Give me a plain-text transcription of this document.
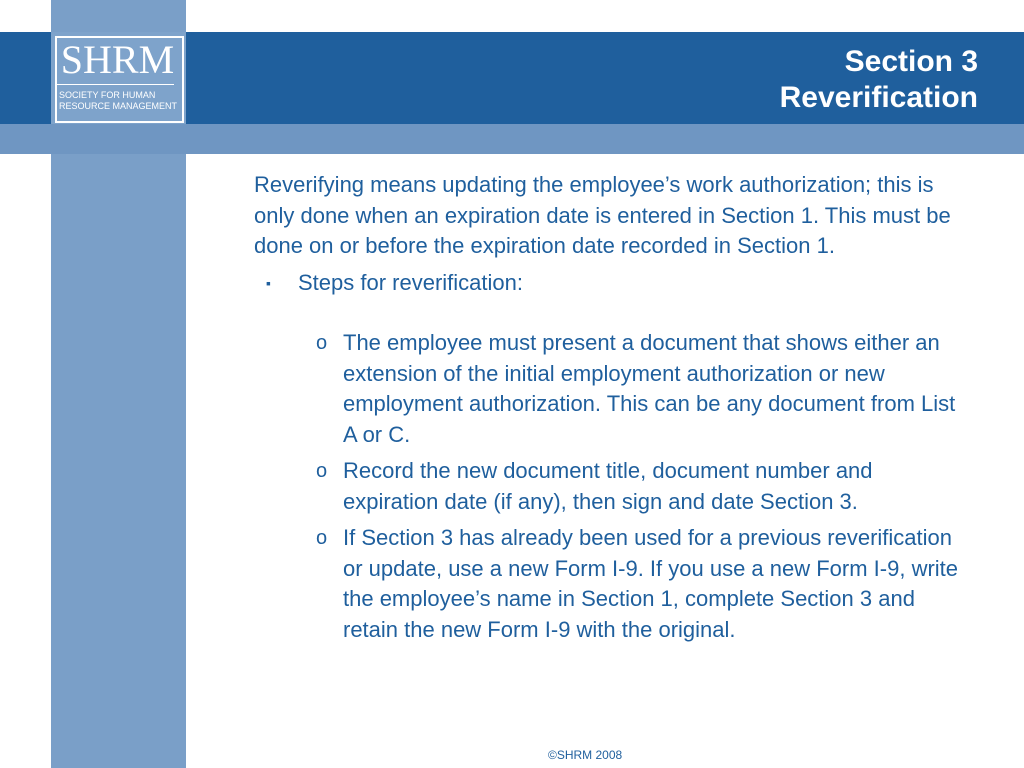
SHRM
SOCIETY FOR HUMAN
RESOURCE MANAGEMENT
™
Section 3
Reverification

Reverifying means updating the employee’s work authorization; this is only done when an expiration date is entered in Section 1. This must be done on or before the expiration date recorded in Section 1.

▪ Steps for reverification:
o The employee must present a document that shows either an extension of the initial employment authorization or new employment authorization. This can be any document from List A or C.
o Record the new document title, document number and expiration date (if any), then sign and date Section 3.
o If Section 3 has already been used for a previous reverification or update, use a new Form I-9. If you use a new Form I-9, write the employee’s name in Section 1, complete Section 3 and retain the new Form I-9 with the original.
©SHRM 2008
